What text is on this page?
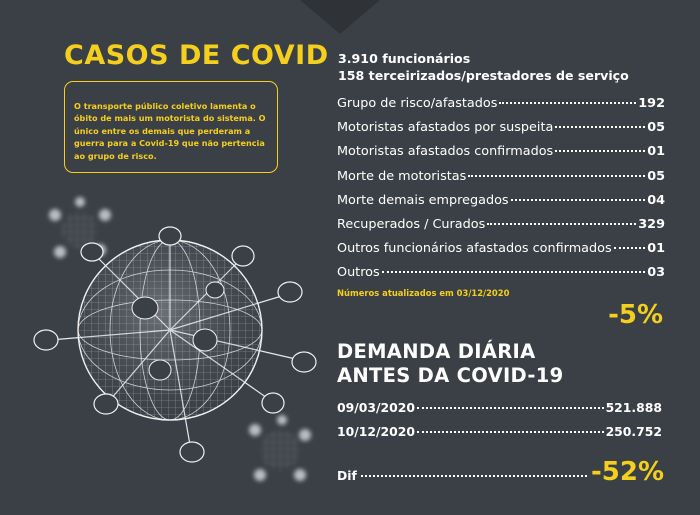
CASOS DE COVID
O transporte público coletivo lamenta o óbito de mais um motorista do sistema. O único entre os demais que perderam a guerra para a Covid-19 que não pertencia ao grupo de risco.
3.910 funcionários
158 terceirizados/prestadores de serviço
Grupo de risco/afastados	192
Motoristas afastados por suspeita	05
Motoristas afastados confirmados	01
Morte de motoristas	05
Morte demais empregados	04
Recuperados / Curados	329
Outros funcionários afastados confirmados	01
Outros	03
Números atualizados em 03/12/2020
-5%
DEMANDA DIÁRIA
ANTES DA COVID-19
09/03/2020	521.888
10/12/2020	250.752
Dif	-52%
